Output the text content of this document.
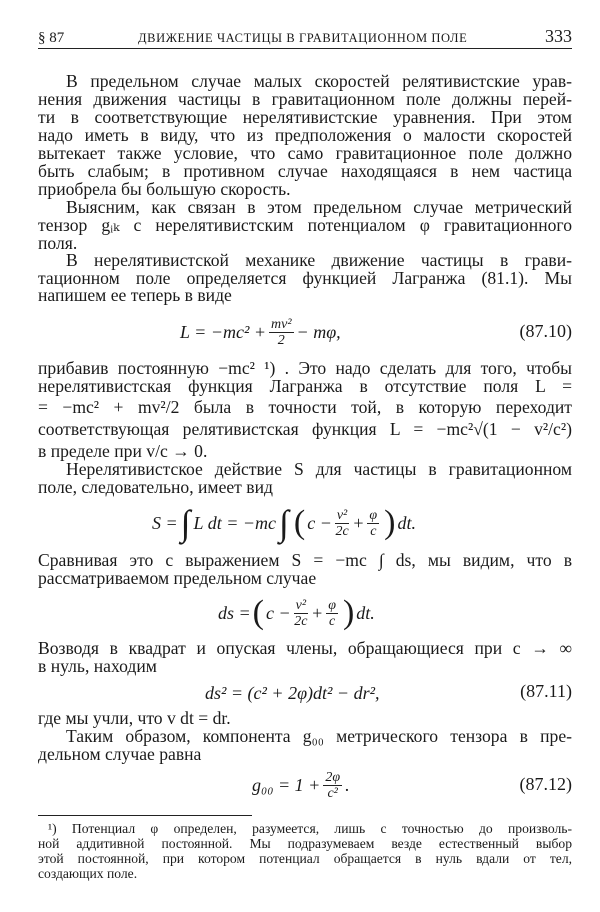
§ 87	ДВИЖЕНИЕ ЧАСТИЦЫ В ГРАВИТАЦИОННОМ ПОЛЕ	333
В предельном случае малых скоростей релятивистские урав-
нения движения частицы в гравитационном поле должны перей-
ти в соответствующие нерелятивистские уравнения. При этом
надо иметь в виду, что из предположения о малости скоростей
вытекает также условие, что само гравитационное поле должно
быть слабым; в противном случае находящаяся в нем частица
приобрела бы большую скорость.
Выясним, как связан в этом предельном случае метрический
тензор gᵢₖ с нерелятивистским потенциалом φ гравитационного
поля.
В нерелятивистской механике движение частицы в грави-
тационном поле определяется функцией Лагранжа (81.1). Мы
напишем ее теперь в виде
$L = -mc^2 + \frac{\text{mv²}}{2} - m\varphi$,	(87.10)
прибавив постоянную −mc² ¹) . Это надо сделать для того, чтобы
нерелятивистская функция Лагранжа в отсутствие поля L =
= −mc² + mv²/2 была в точности той, в которую переходит
соответствующая релятивистская функция L = −mc²√(1 − v²/c²)
в пределе при v/c → 0.
Нерелятивистское действие S для частицы в гравитационном
поле, следовательно, имеет вид
S = ∫ L dt = −mc ∫ ( $c - \frac{\text{v²}}{2c} + \frac{\varphi}{c}$ ) dt.
Сравнивая это с выражением S = −mc ∫ ds, мы видим, что в
рассматриваемом предельном случае
ds = ( $c - \frac{\text{v²}}{2c} + \frac{\varphi}{c}$ ) dt.
Возводя в квадрат и опуская члены, обращающиеся при c → ∞
в нуль, находим
ds² = (c² + 2φ)dt² − dr²,	(87.11)
где мы учли, что v dt = dr.
Таким образом, компонента g₀₀ метрического тензора в пре-
дельном случае равна
$g_{00} = 1 + \frac{2\varphi}{\text{c²}}$ .	(87.12)
¹) Потенциал φ определен, разумеется, лишь с точностью до произволь-
ной аддитивной постоянной. Мы подразумеваем везде естественный выбор
этой постоянной, при котором потенциал обращается в нуль вдали от тел,
создающих поле.
